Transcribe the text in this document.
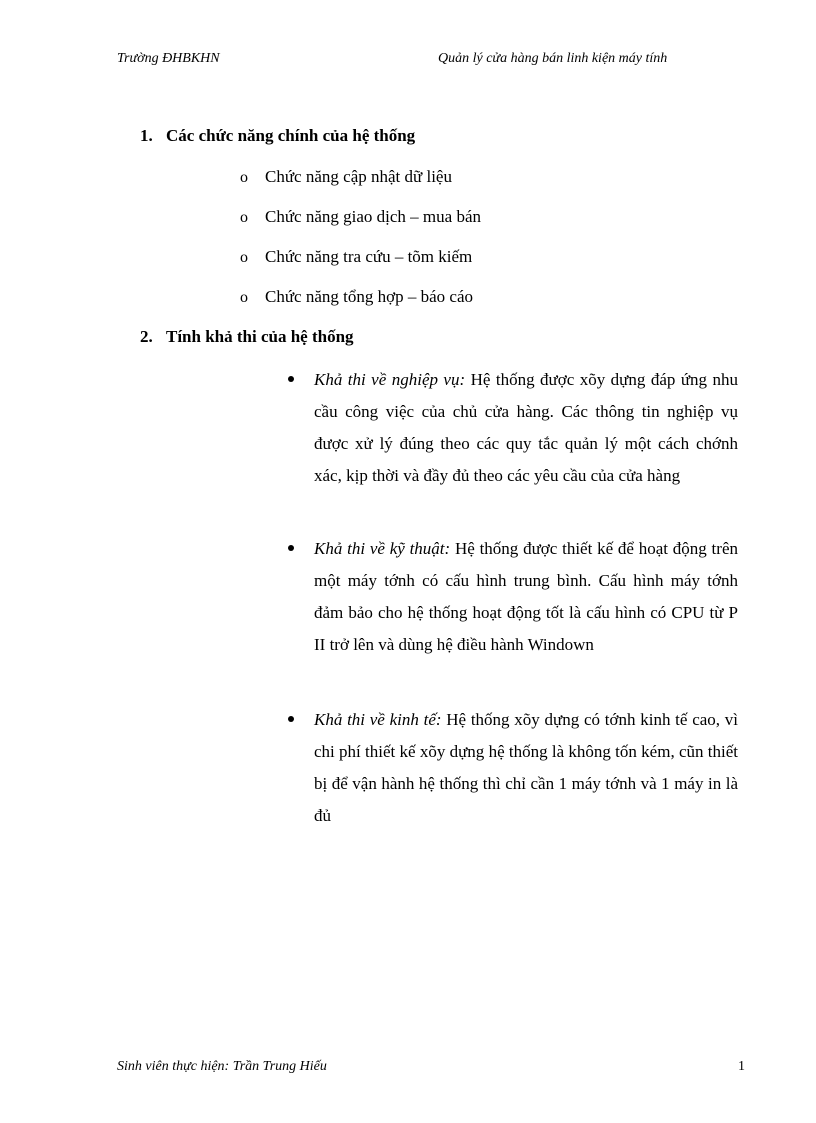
Trường ĐHBKHN	Quản lý cửa hàng bán linh kiện máy tính
1. Các chức năng chính của hệ thống
o Chức năng cập nhật dữ liệu
o Chức năng giao dịch – mua bán
o Chức năng tra cứu – tõm kiếm
o Chức năng tổng hợp – báo cáo
2. Tính khả thi của hệ thống
Khả thi về nghiệp vụ: Hệ thống được xõy dựng đáp ứng nhu cầu công việc của chủ cửa hàng. Các thông tin nghiệp vụ được xử lý đúng theo các quy tắc quản lý một cách chớnh xác, kịp thời và đầy đủ theo các yêu cầu của cửa hàng
Khả thi về kỹ thuật: Hệ thống được thiết kế để hoạt động trên một máy tớnh có cấu hình trung bình. Cấu hình máy tớnh đảm bảo cho hệ thống hoạt động tốt là cấu hình có CPU từ P II trở lên và dùng hệ điều hành Windown
Khả thi về kinh tế: Hệ thống xõy dựng có tớnh kinh tế cao, vì chi phí thiết kế xõy dựng hệ thống là không tốn kém, cũn thiết bị để vận hành hệ thống thì chỉ cần 1 máy tớnh và 1 máy in là đủ
Sinh viên thực hiện: Trần Trung Hiếu	1
